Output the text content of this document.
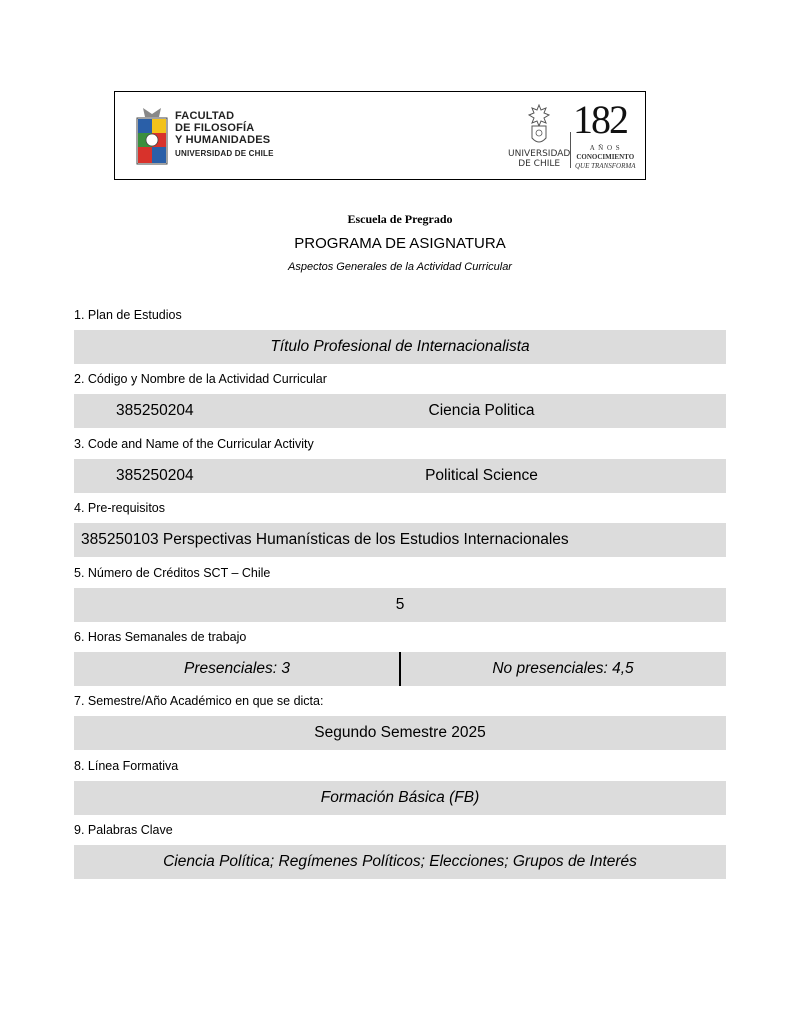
FACULTAD
DE FILOSOFÍA
Y HUMANIDADES
UNIVERSIDAD DE CHILE	UNIVERSIDAD
DE CHILE
182
A Ñ O S
CONOCIMIENTO
QUE TRANSFORMA
Escuela de Pregrado
PROGRAMA DE ASIGNATURA
Aspectos Generales de la Actividad Curricular
1. Plan de Estudios
Título Profesional de Internacionalista
2. Código y Nombre de la Actividad Curricular
385250204	Ciencia Politica
3. Code and Name of the Curricular Activity
385250204	Political Science
4. Pre-requisitos
385250103 Perspectivas Humanísticas de los Estudios Internacionales
5. Número de Créditos SCT – Chile
5
6. Horas Semanales de trabajo
Presenciales: 3	No presenciales: 4,5
7. Semestre/Año Académico en que se dicta:
Segundo Semestre 2025
8. Línea Formativa
Formación Básica (FB)
9. Palabras Clave
Ciencia Política; Regímenes Políticos; Elecciones; Grupos de Interés
